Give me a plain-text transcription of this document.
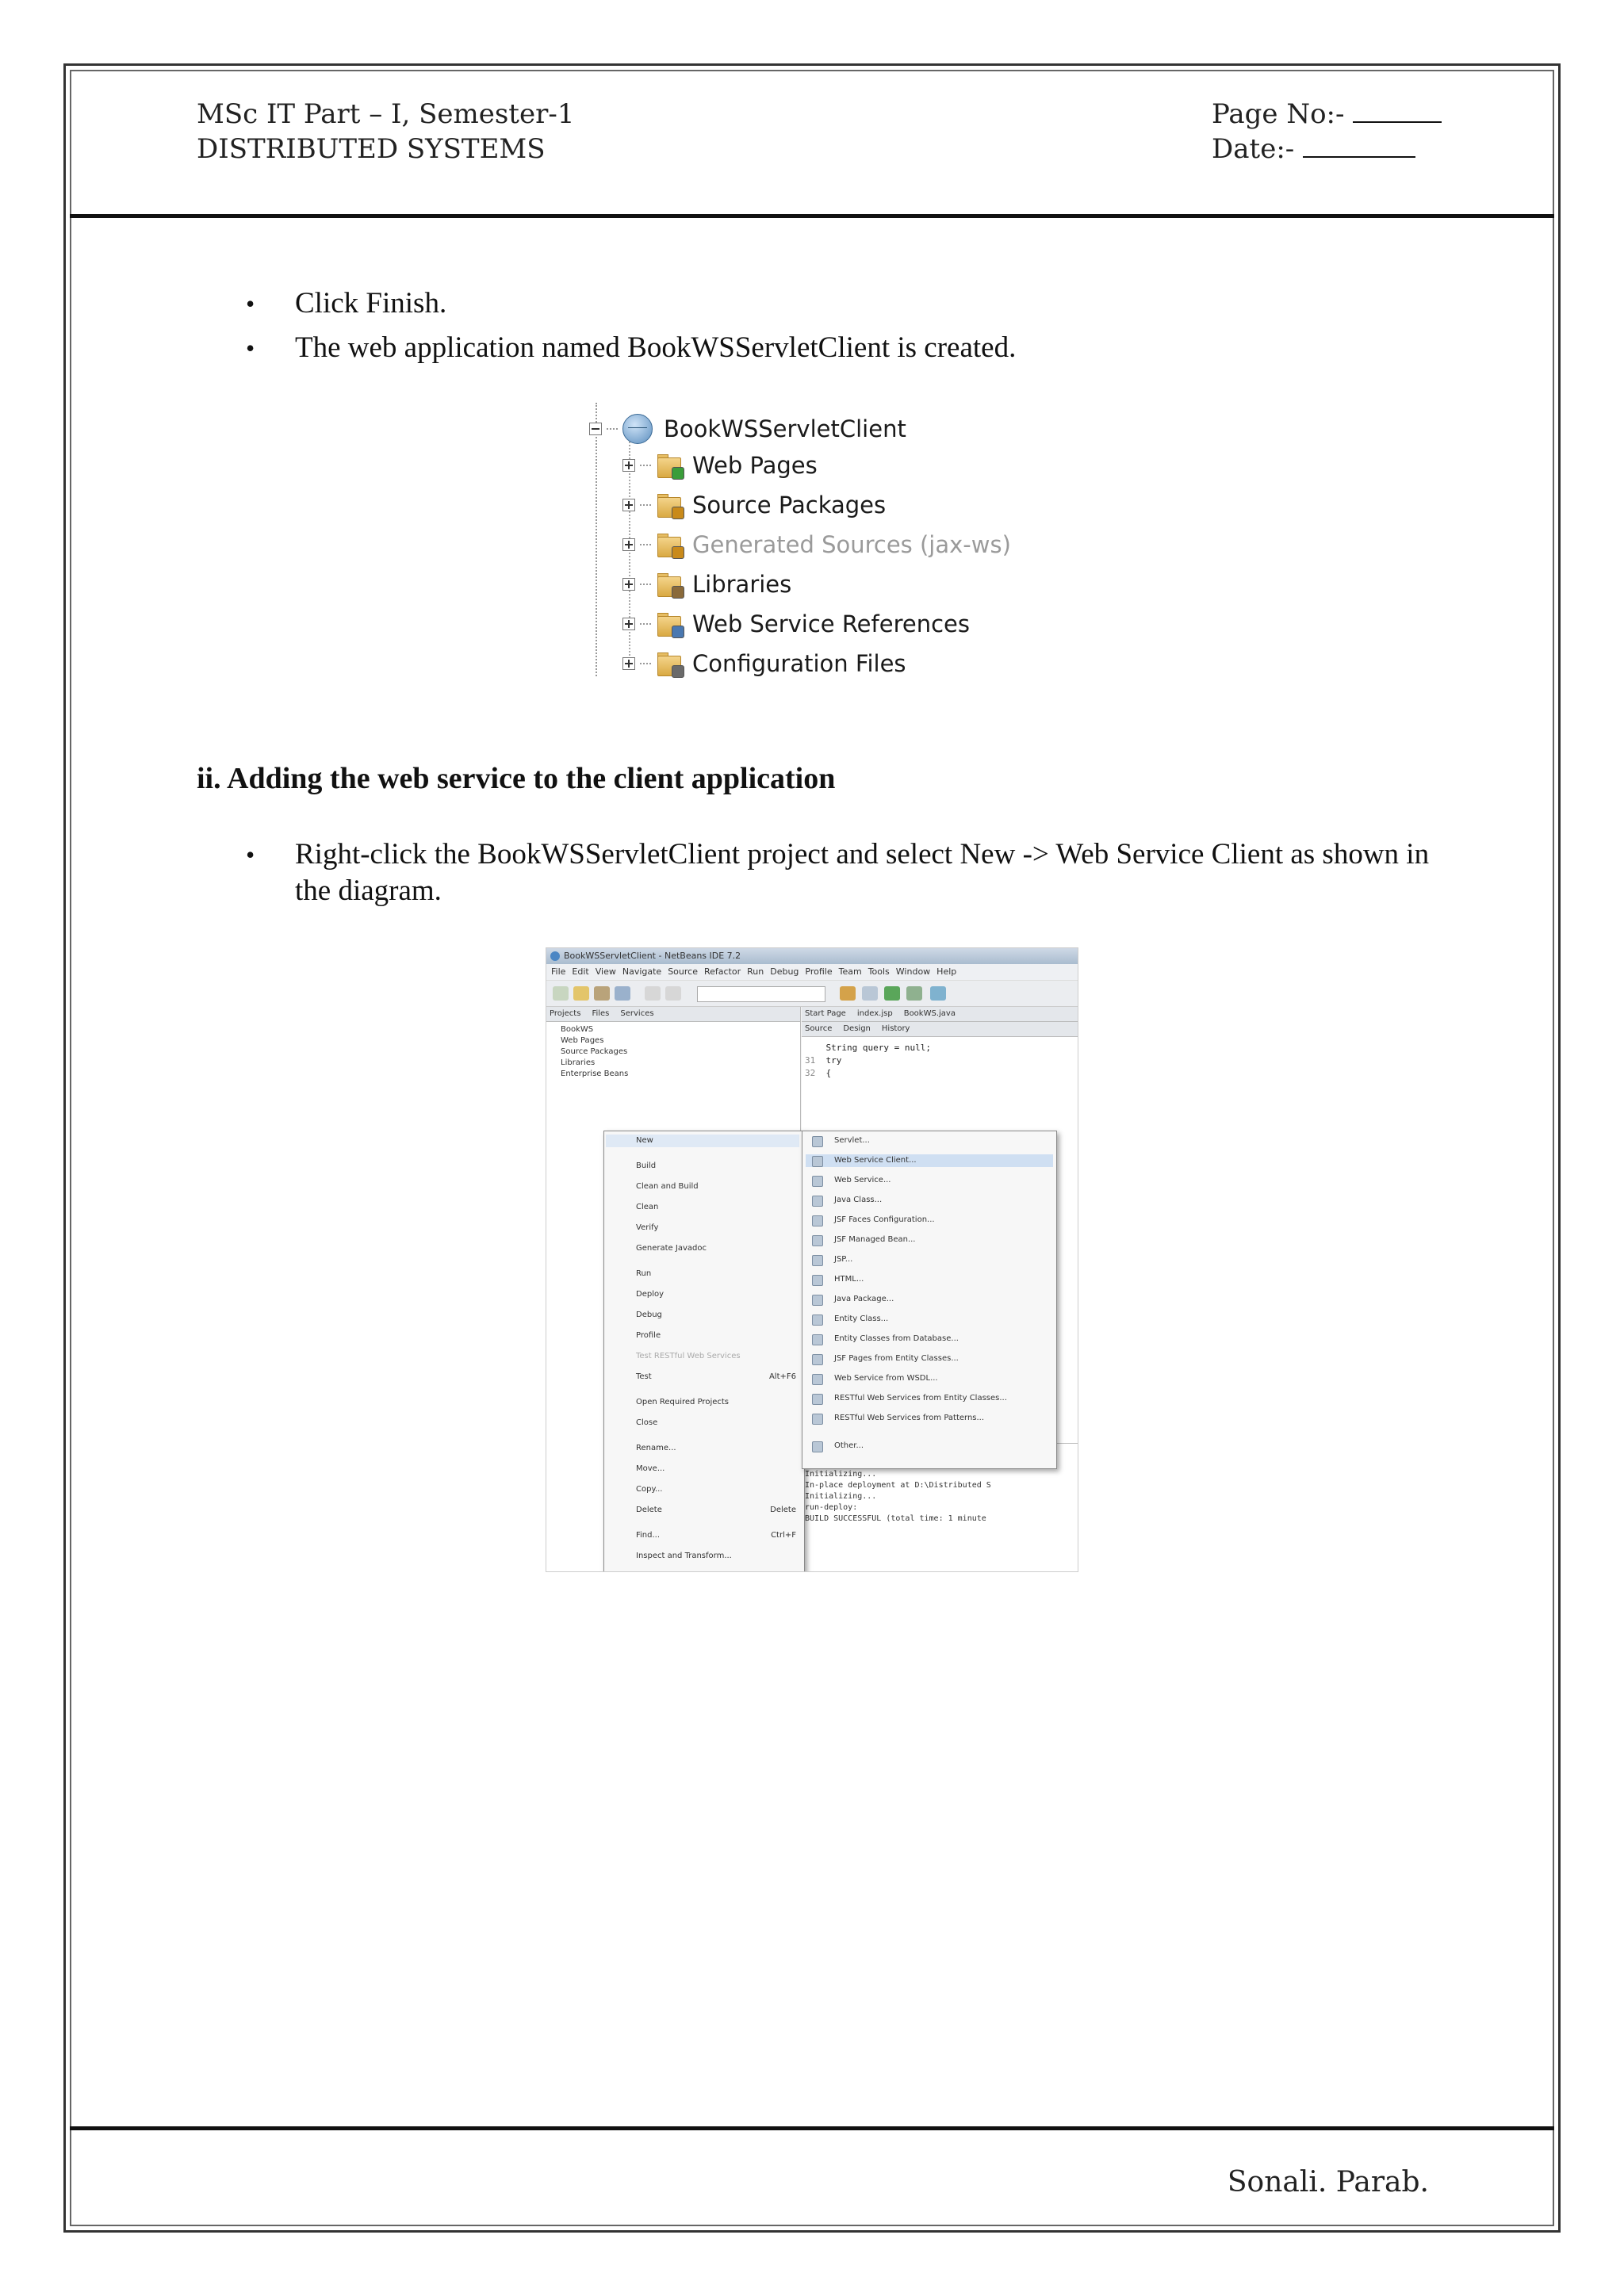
MSc IT Part – I, Semester-1
DISTRIBUTED SYSTEMS
Page No:-
Date:-
• Click Finish.
• The web application named BookWSServletClient is created.
BookWSServletClient
Web Pages
Source Packages
Generated Sources (jax-ws)
Libraries
Web Service References
Configuration Files
ii. Adding the web service to the client application
• Right-click the BookWSServletClient project and select New -> Web Service Client as shown in the diagram.
BookWSServletClient - NetBeans IDE 7.2
File Edit View Navigate Source Refactor Run Debug Profile Team Tools Window Help
Projects Files Services
BookWS
Web Pages
Source Packages
Libraries
Enterprise Beans
Start Page index.jsp BookWS.java
Source Design History
String query = null;
31  try
32  {
Initializing...
In-place deployment at D:\Distributed S
Initializing...
run-deploy:
BUILD SUCCESSFUL (total time: 1 minute
New
Build
Clean and Build
Clean
Verify
Generate Javadoc
Run
Deploy
Debug
Profile
Test RESTful Web Services
Test	Alt+F6
Open Required Projects
Close
Rename...
Move...
Copy...
Delete	Delete
Find...	Ctrl+F
Inspect and Transform...
Servlet...
Web Service Client...
Web Service...
Java Class...
JSF Faces Configuration...
JSF Managed Bean...
JSP...
HTML...
Java Package...
Entity Class...
Entity Classes from Database...
JSF Pages from Entity Classes...
Web Service from WSDL...
RESTful Web Services from Entity Classes...
RESTful Web Services from Patterns...
Other...
Sonali. Parab.
